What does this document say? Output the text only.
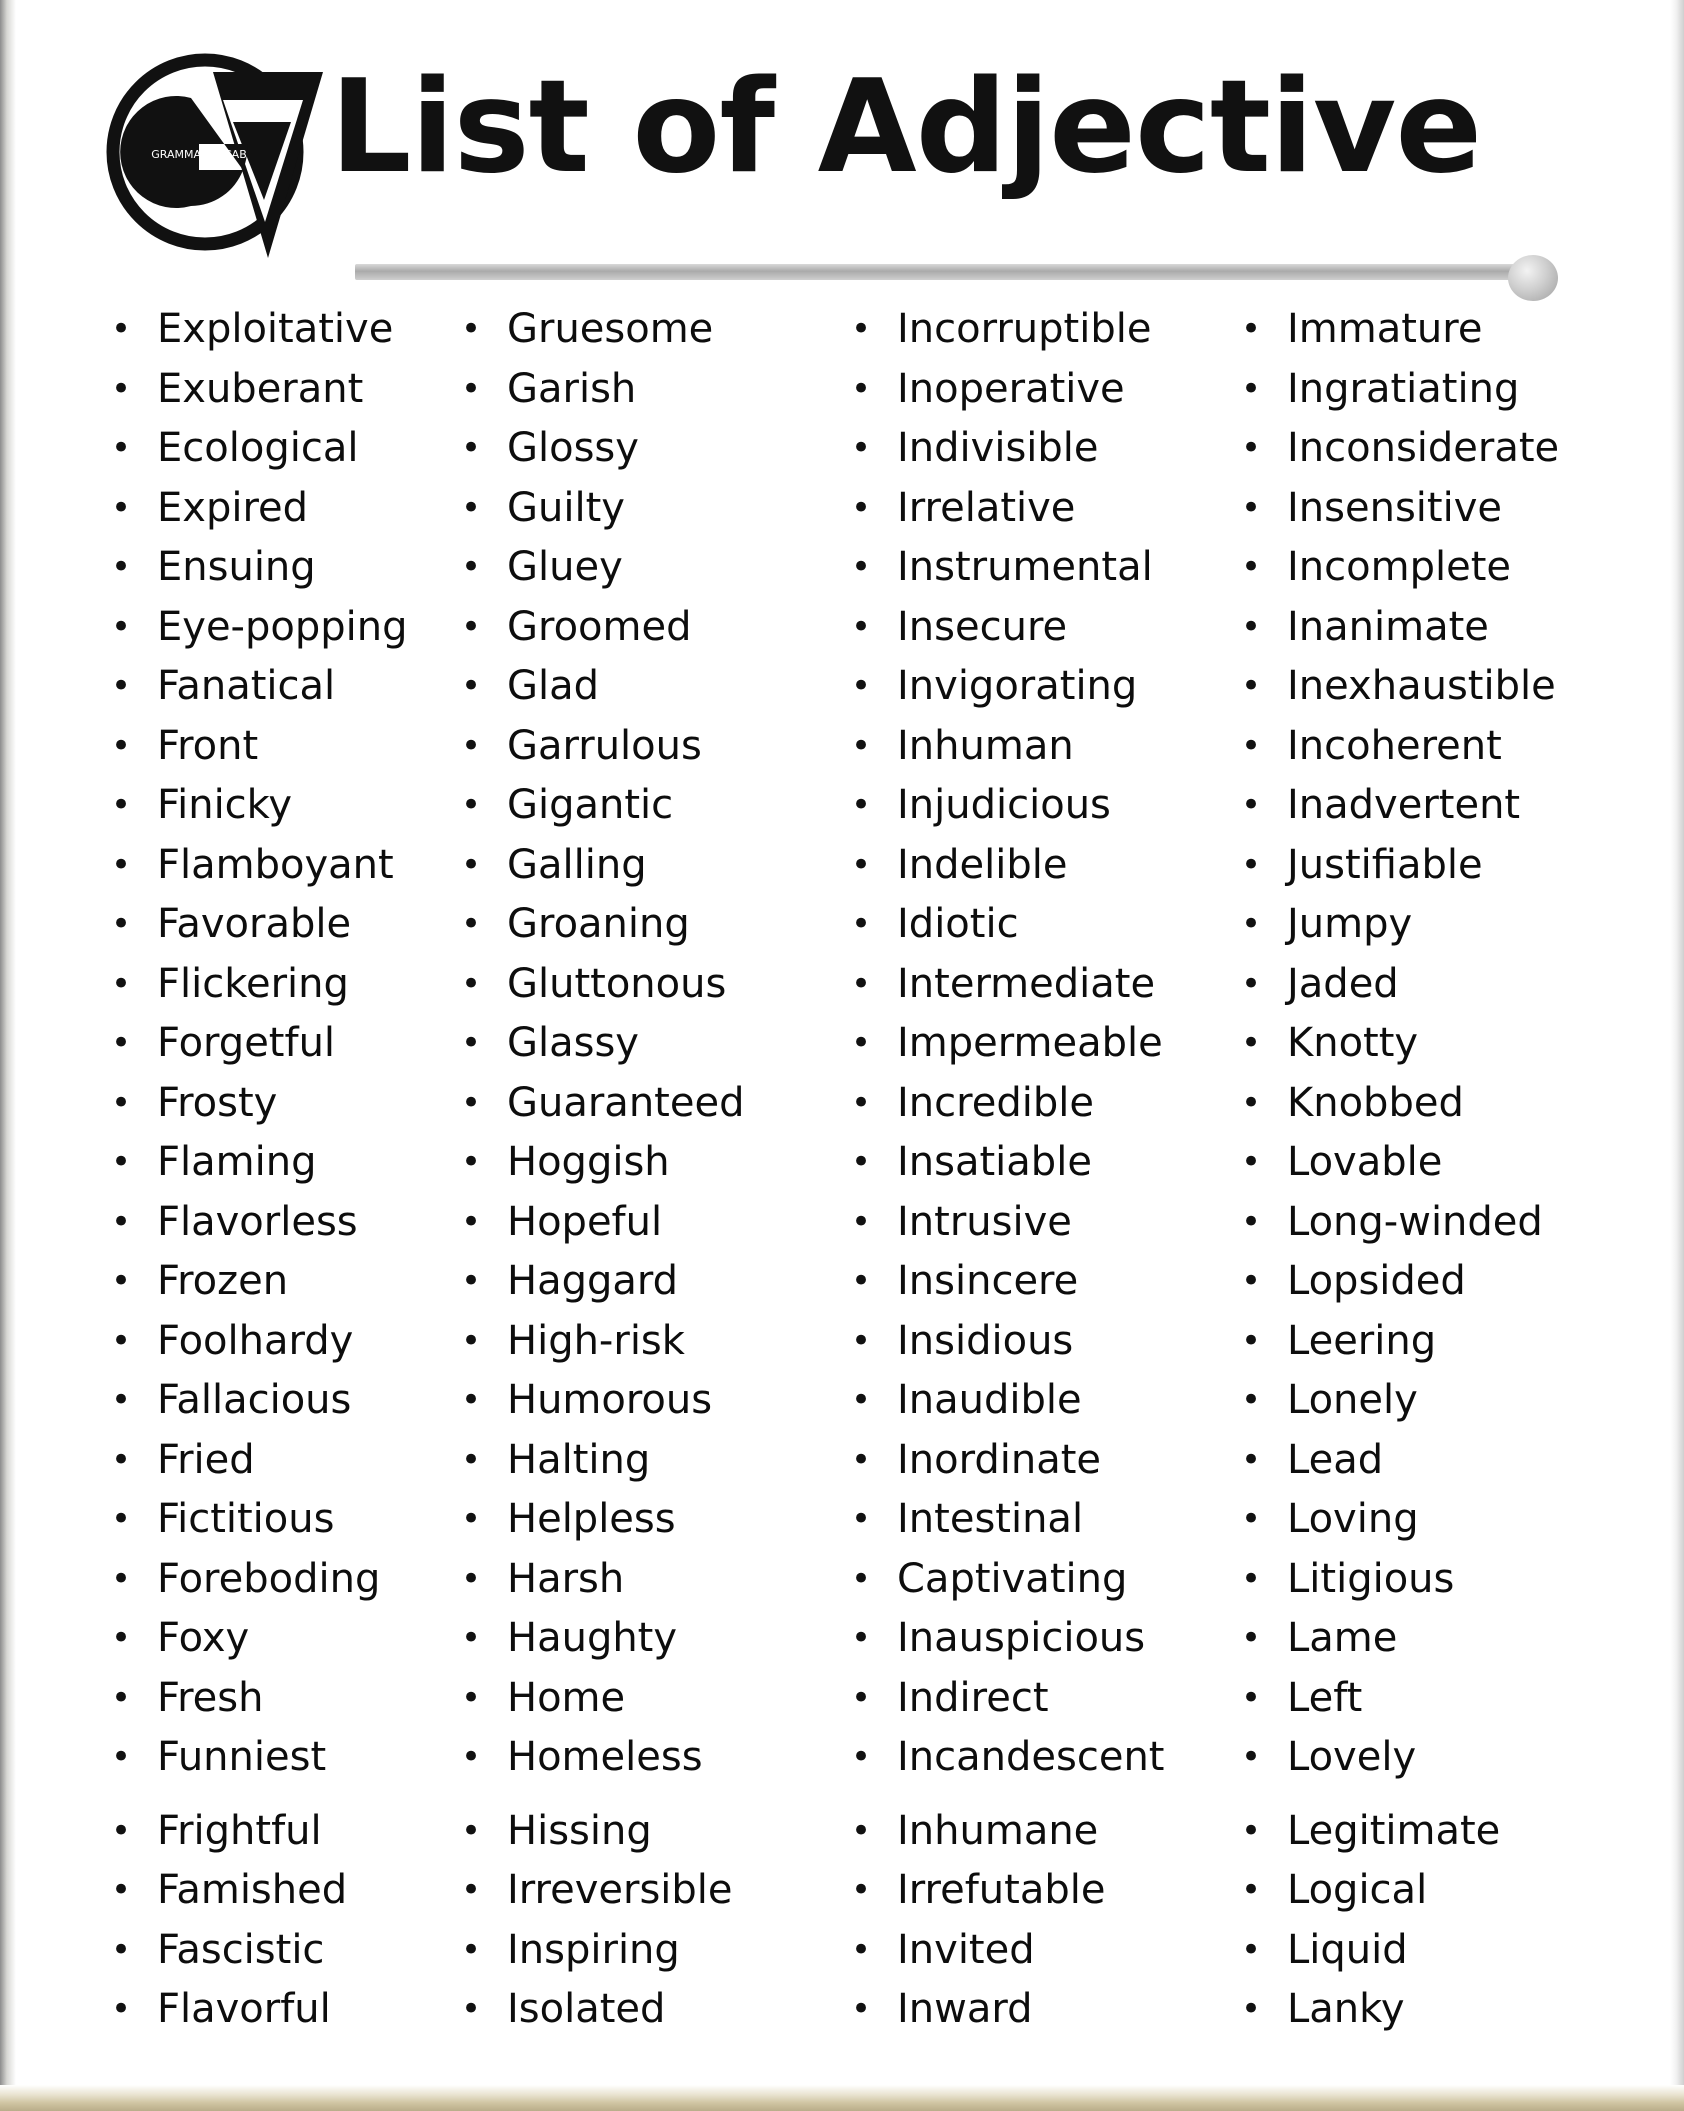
GRAMMARVOCAB List of Adjective
• Exploitative
• Exuberant
• Ecological
• Expired
• Ensuing
• Eye-popping
• Fanatical
• Front
• Finicky
• Flamboyant
• Favorable
• Flickering
• Forgetful
• Frosty
• Flaming
• Flavorless
• Frozen
• Foolhardy
• Fallacious
• Fried
• Fictitious
• Foreboding
• Foxy
• Fresh
• Funniest
• Frightful
• Famished
• Fascistic
• Flavorful
• Gruesome
• Garish
• Glossy
• Guilty
• Gluey
• Groomed
• Glad
• Garrulous
• Gigantic
• Galling
• Groaning
• Gluttonous
• Glassy
• Guaranteed
• Hoggish
• Hopeful
• Haggard
• High-risk
• Humorous
• Halting
• Helpless
• Harsh
• Haughty
• Home
• Homeless
• Hissing
• Irreversible
• Inspiring
• Isolated
• Incorruptible
• Inoperative
• Indivisible
• Irrelative
• Instrumental
• Insecure
• Invigorating
• Inhuman
• Injudicious
• Indelible
• Idiotic
• Intermediate
• Impermeable
• Incredible
• Insatiable
• Intrusive
• Insincere
• Insidious
• Inaudible
• Inordinate
• Intestinal
• Captivating
• Inauspicious
• Indirect
• Incandescent
• Inhumane
• Irrefutable
• Invited
• Inward
• Immature
• Ingratiating
• Inconsiderate
• Insensitive
• Incomplete
• Inanimate
• Inexhaustible
• Incoherent
• Inadvertent
• Justifiable
• Jumpy
• Jaded
• Knotty
• Knobbed
• Lovable
• Long-winded
• Lopsided
• Leering
• Lonely
• Lead
• Loving
• Litigious
• Lame
• Left
• Lovely
• Legitimate
• Logical
• Liquid
• Lanky
